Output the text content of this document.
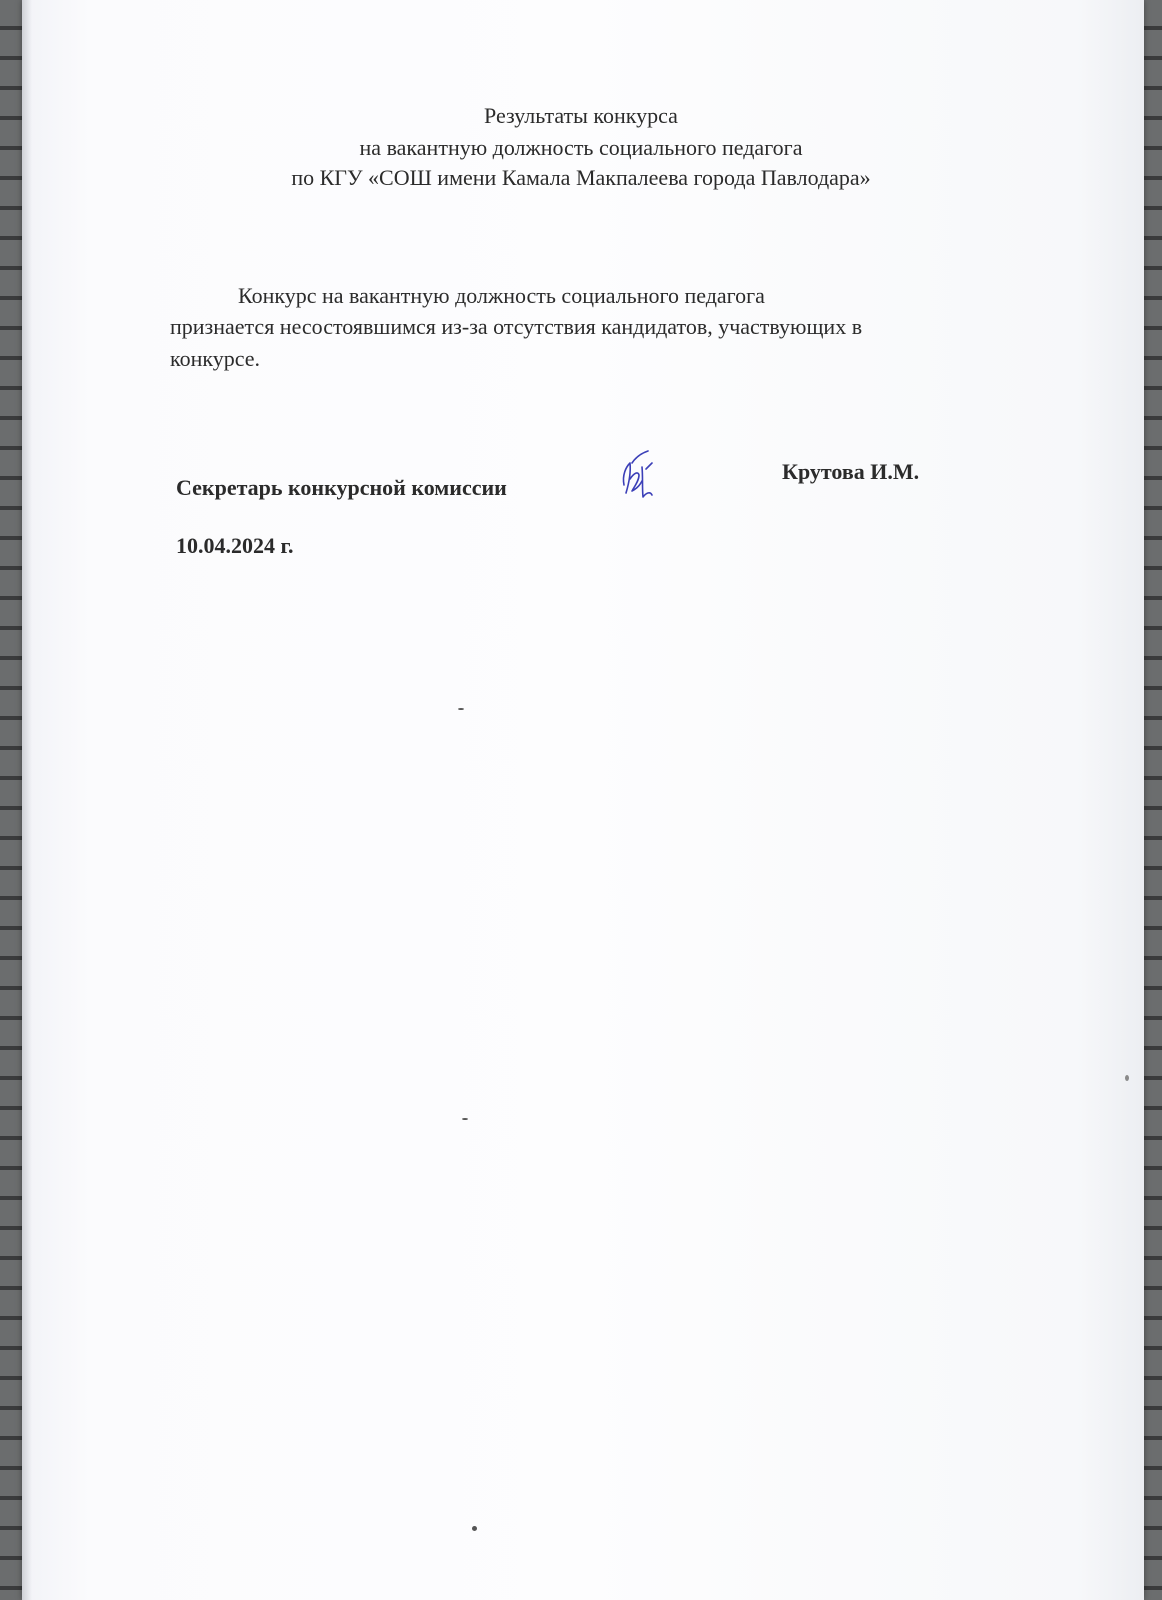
Результаты конкурса
на вакантную должность социального педагога
по КГУ «СОШ имени Камала Макпалеева города Павлодара»
Конкурс на вакантную должность социального педагога
признается несостоявшимся из-за отсутствия кандидатов, участвующих в
конкурсе.
Секретарь конкурсной комиссии
Крутова И.М.
10.04.2024 г.
